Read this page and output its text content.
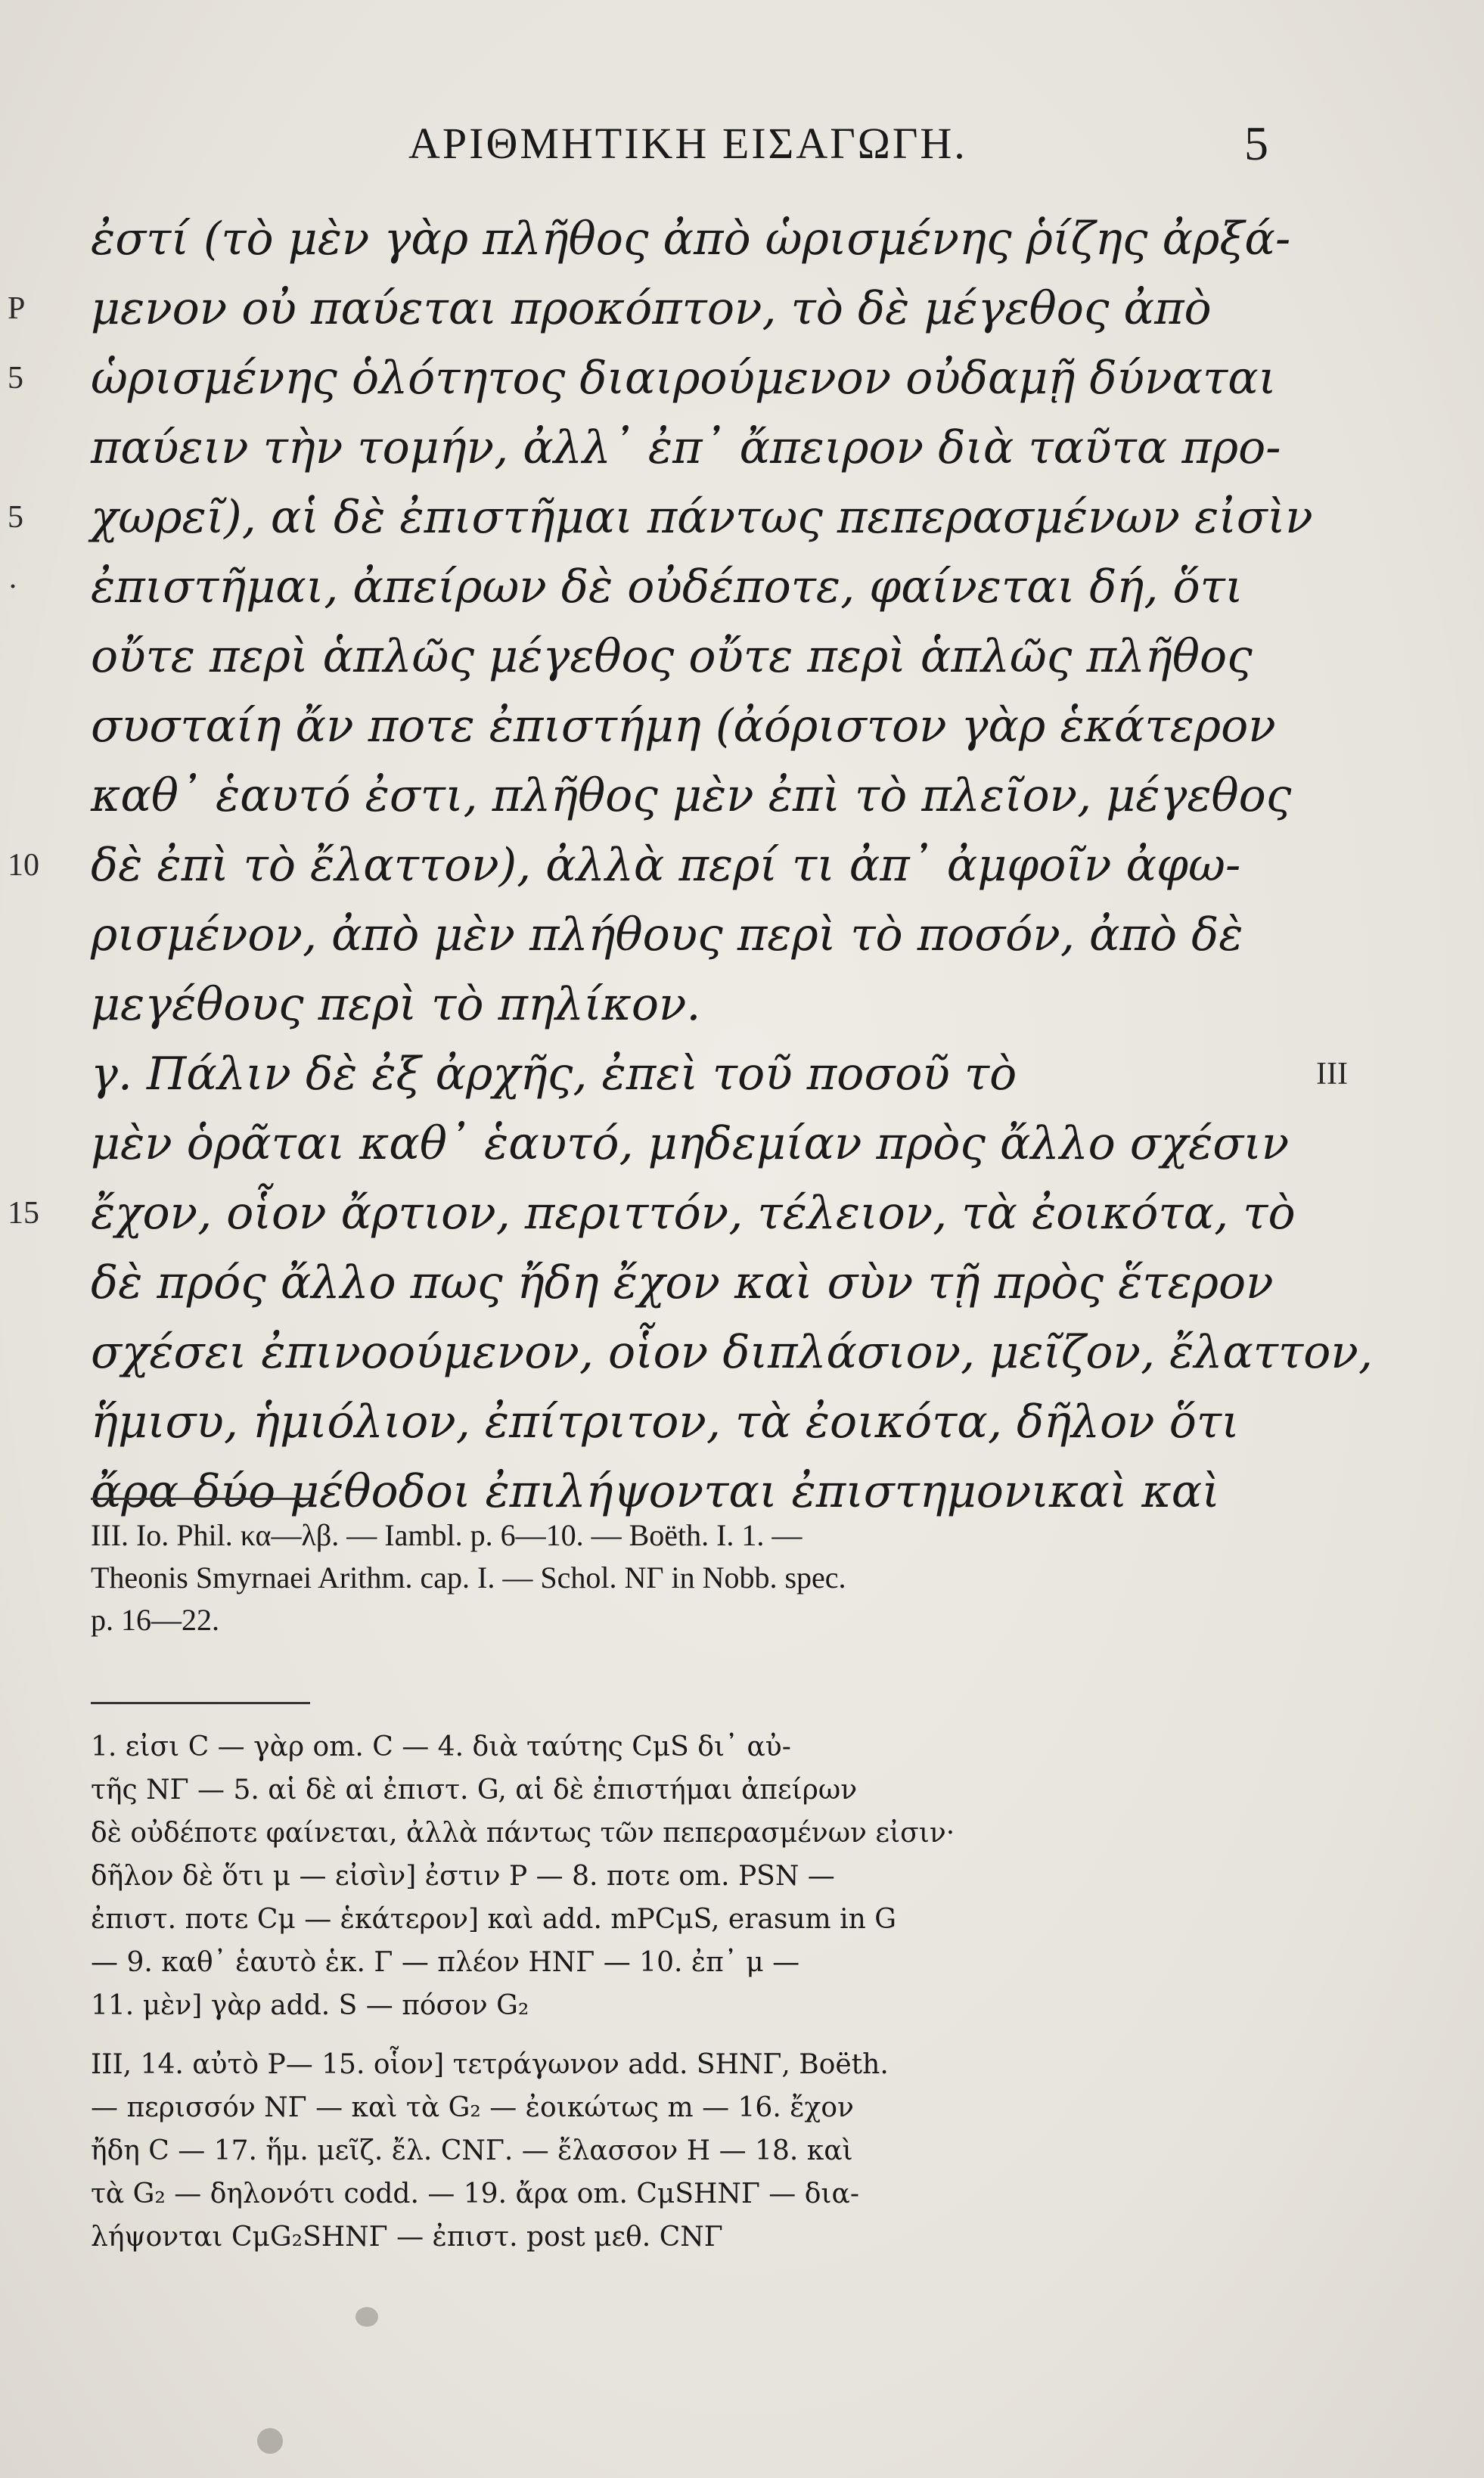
ΑΡΙΘΜΗΤΙΚΗ ΕΙΣΑΓΩΓΗ.	5
ἐστί (τὸ μὲν γὰρ πλῆθος ἀπὸ ὡρισμένης ῥίζης ἀρξά-
P	μενον οὐ παύεται προκόπτον, τὸ δὲ μέγεθος ἀπὸ
5	ὡρισμένης ὁλότητος διαιρούμενον οὐδαμῇ δύναται
παύειν τὴν τομήν, ἀλλ᾿ ἐπ᾿ ἄπειρον διὰ ταῦτα προ-
5	χωρεῖ), αἱ δὲ ἐπιστῆμαι πάντως πεπερασμένων εἰσὶν
·	ἐπιστῆμαι, ἀπείρων δὲ οὐδέποτε, φαίνεται δή, ὅτι
οὔτε περὶ ἁπλῶς μέγεθος οὔτε περὶ ἁπλῶς πλῆθος
συσταίη ἄν ποτε ἐπιστήμη (ἀόριστον γὰρ ἑκάτερον
καθ᾿ ἑαυτό ἐστι, πλῆθος μὲν ἐπὶ τὸ πλεῖον, μέγεθος
10	δὲ ἐπὶ τὸ ἔλαττον), ἀλλὰ περί τι ἀπ᾿ ἀμφοῖν ἀφω-
ρισμένον, ἀπὸ μὲν πλήθους περὶ τὸ ποσόν, ἀπὸ δὲ
μεγέθους περὶ τὸ πηλίκον.
γ. Πάλιν δὲ ἐξ ἀρχῆς, ἐπεὶ τοῦ ποσοῦ τὸ	III
μὲν ὁρᾶται καθ᾿ ἑαυτό, μηδεμίαν πρὸς ἄλλο σχέσιν
15	ἔχον, οἷον ἄρτιον, περιττόν, τέλειον, τὰ ἐοικότα, τὸ
δὲ πρός ἄλλο πως ἤδη ἔχον καὶ σὺν τῇ πρὸς ἕτερον
σχέσει ἐπινοούμενον, οἷον διπλάσιον, μεῖζον, ἔλαττον,
ἥμισυ, ἡμιόλιον, ἐπίτριτον, τὰ ἐοικότα, δῆλον ὅτι
ἄρα δύο μέθοδοι ἐπιλήψονται ἐπιστημονικαὶ καὶ
III. Io. Phil. κα—λβ. — Iambl. p. 6—10. — Boëth. I. 1. —
Theonis Smyrnaei Arithm. cap. I. — Schol. ΝΓ in Nobb. spec.
p. 16—22.
1. εἰσι C — γὰρ om. C — 4. διὰ ταύτης CμS δι᾿ αὐ-
τῆς ΝΓ — 5. αἱ δὲ αἱ ἐπιστ. G, αἱ δὲ ἐπιστήμαι ἀπείρων
δὲ οὐδέποτε φαίνεται, ἀλλὰ πάντως τῶν πεπερασμένων εἰσιν·
δῆλον δὲ ὅτι μ — εἰσὶν] ἐστιν P — 8. ποτε om. PSN —
ἐπιστ. ποτε Cμ — ἑκάτερον] καὶ add. mPCμS, erasum in G
— 9. καθ᾿ ἑαυτὸ ἑκ. Γ — πλέον ΗΝΓ — 10. ἐπ᾿ μ —
11. μὲν] γὰρ add. S — πόσον G₂
III, 14. αὐτὸ P— 15. οἷον] τετράγωνον add. SHNΓ, Boëth.
— περισσόν ΝΓ — καὶ τὰ G₂ — ἐοικώτως m — 16. ἔχον
ἤδη C — 17. ἥμ. μεῖζ. ἔλ. CNΓ. — ἔλασσον H — 18. καὶ
τὰ G₂ — δηλονότι codd. — 19. ἄρα om. CμSHNΓ — δια-
λήψονται CμG₂SHNΓ — ἐπιστ. post μεθ. CNΓ
